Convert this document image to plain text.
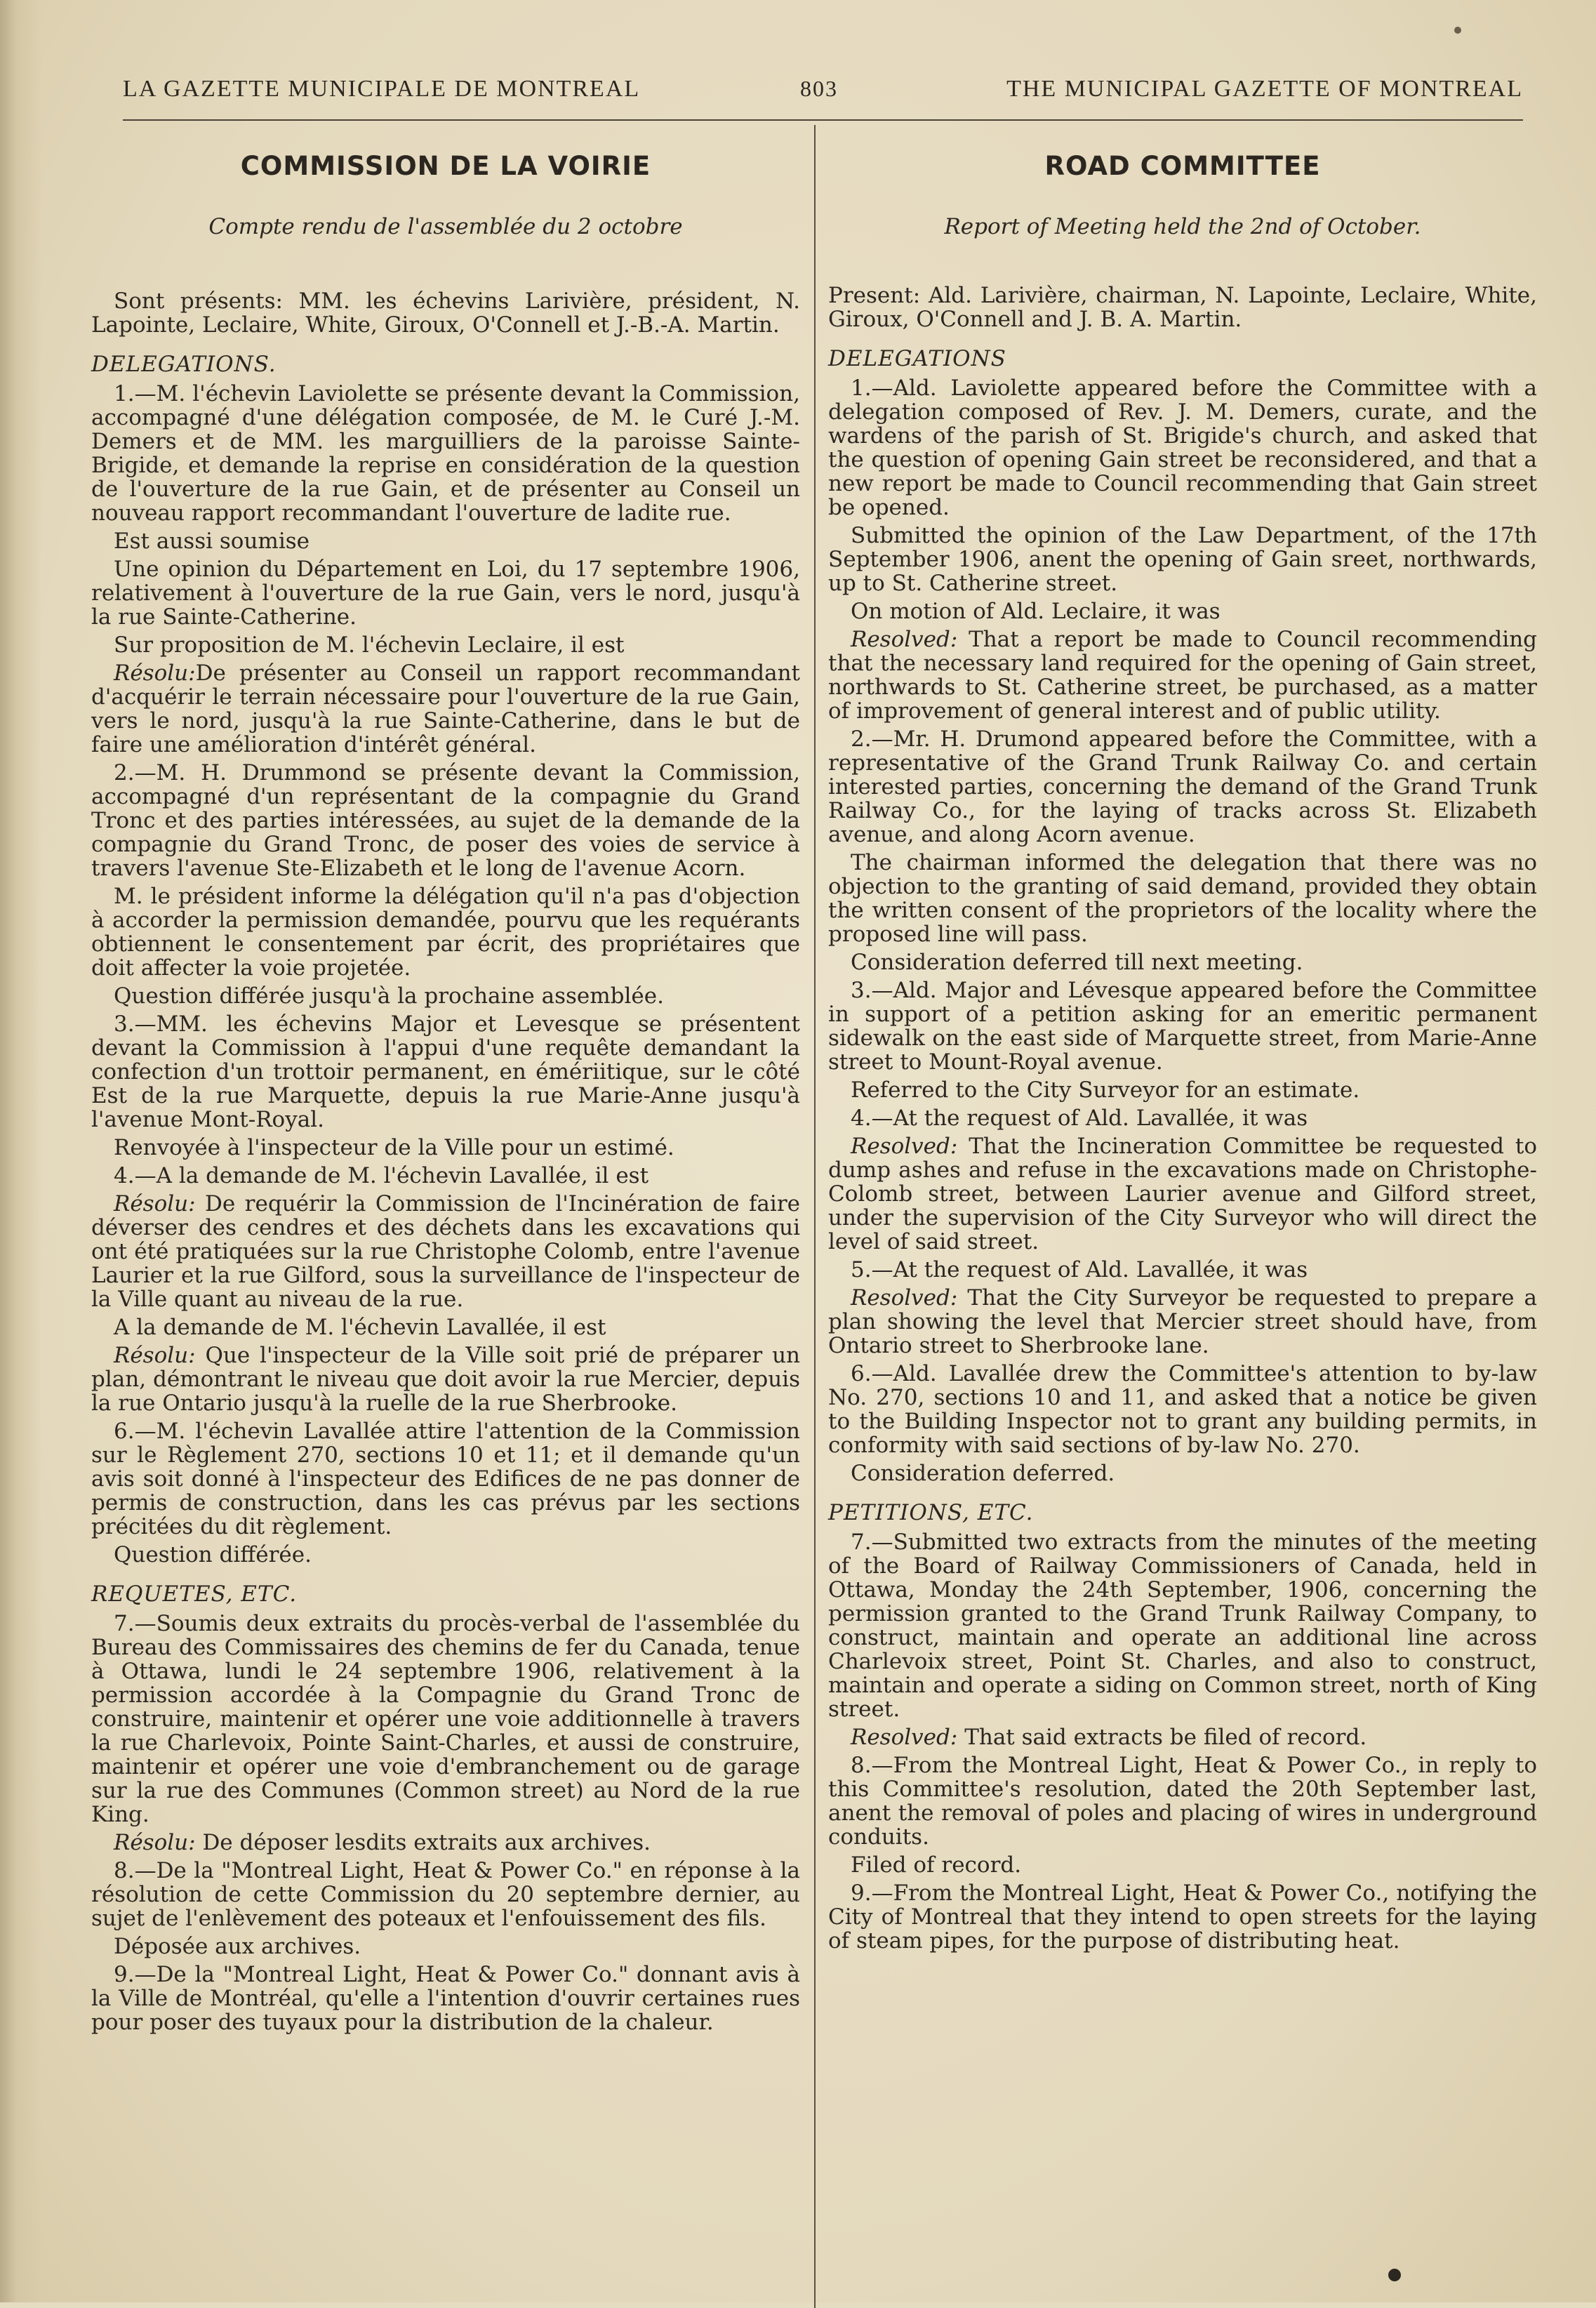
LA GAZETTE MUNICIPALE DE MONTREAL	803	THE MUNICIPAL GAZETTE OF MONTREAL
COMMISSION DE LA VOIRIE
Compte rendu de l'assemblée du 2 octobre

Sont présents: MM. les échevins Larivière, président, N. Lapointe, Leclaire, White, Giroux, O'Connell et J.-B.-A. Martin.

DELEGATIONS.

1.—M. l'échevin Laviolette se présente devant la Commission, accompagné d'une délégation composée, de M. le Curé J.-M. Demers et de MM. les marguilliers de la paroisse Sainte-Brigide, et demande la reprise en considération de la question de l'ouverture de la rue Gain, et de présenter au Conseil un nouveau rapport recommandant l'ouverture de ladite rue.

Est aussi soumise

Une opinion du Département en Loi, du 17 septembre 1906, relativement à l'ouverture de la rue Gain, vers le nord, jusqu'à la rue Sainte-Catherine.

Sur proposition de M. l'échevin Leclaire, il est

Résolu:De présenter au Conseil un rapport recommandant d'acquérir le terrain nécessaire pour l'ouverture de la rue Gain, vers le nord, jusqu'à la rue Sainte-Catherine, dans le but de faire une amélioration d'intérêt général.

2.—M. H. Drummond se présente devant la Commission, accompagné d'un représentant de la compagnie du Grand Tronc et des parties intéressées, au sujet de la demande de la compagnie du Grand Tronc, de poser des voies de service à travers l'avenue Ste-Elizabeth et le long de l'avenue Acorn.

M. le président informe la délégation qu'il n'a pas d'objection à accorder la permission demandée, pourvu que les requérants obtiennent le consentement par écrit, des propriétaires que doit affecter la voie projetée.

Question différée jusqu'à la prochaine assemblée.

3.—MM. les échevins Major et Levesque se présentent devant la Commission à l'appui d'une requête demandant la confection d'un trottoir permanent, en émériitique, sur le côté Est de la rue Marquette, depuis la rue Marie-Anne jusqu'à l'avenue Mont-Royal.

Renvoyée à l'inspecteur de la Ville pour un estimé.

4.—A la demande de M. l'échevin Lavallée, il est

Résolu: De requérir la Commission de l'Incinération de faire déverser des cendres et des déchets dans les excavations qui ont été pratiquées sur la rue Christophe Colomb, entre l'avenue Laurier et la rue Gilford, sous la surveillance de l'inspecteur de la Ville quant au niveau de la rue.

A la demande de M. l'échevin Lavallée, il est

Résolu: Que l'inspecteur de la Ville soit prié de préparer un plan, démontrant le niveau que doit avoir la rue Mercier, depuis la rue Ontario jusqu'à la ruelle de la rue Sherbrooke.

6.—M. l'échevin Lavallée attire l'attention de la Commission sur le Règlement 270, sections 10 et 11; et il demande qu'un avis soit donné à l'inspecteur des Edifices de ne pas donner de permis de construction, dans les cas prévus par les sections précitées du dit règlement.

Question différée.

REQUETES, ETC.

7.—Soumis deux extraits du procès-verbal de l'assemblée du Bureau des Commissaires des chemins de fer du Canada, tenue à Ottawa, lundi le 24 septembre 1906, relativement à la permission accordée à la Compagnie du Grand Tronc de construire, maintenir et opérer une voie additionnelle à travers la rue Charlevoix, Pointe Saint-Charles, et aussi de construire, maintenir et opérer une voie d'embranchement ou de garage sur la rue des Communes (Common street) au Nord de la rue King.

Résolu: De déposer lesdits extraits aux archives.

8.—De la "Montreal Light, Heat & Power Co." en réponse à la résolution de cette Commission du 20 septembre dernier, au sujet de l'enlèvement des poteaux et l'enfouissement des fils.

Déposée aux archives.

9.—De la "Montreal Light, Heat & Power Co." donnant avis à la Ville de Montréal, qu'elle a l'intention d'ouvrir certaines rues pour poser des tuyaux pour la distribution de la chaleur.

ROAD COMMITTEE
Report of Meeting held the 2nd of October.

Present: Ald. Larivière, chairman, N. Lapointe, Leclaire, White, Giroux, O'Connell and J. B. A. Martin.

DELEGATIONS

1.—Ald. Laviolette appeared before the Committee with a delegation composed of Rev. J. M. Demers, curate, and the wardens of the parish of St. Brigide's church, and asked that the question of opening Gain street be reconsidered, and that a new report be made to Council recommending that Gain street be opened.

Submitted the opinion of the Law Department, of the 17th September 1906, anent the opening of Gain sreet, northwards, up to St. Catherine street.

On motion of Ald. Leclaire, it was

Resolved: That a report be made to Council recommending that the necessary land required for the opening of Gain street, northwards to St. Catherine street, be purchased, as a matter of improvement of general interest and of public utility.

2.—Mr. H. Drumond appeared before the Committee, with a representative of the Grand Trunk Railway Co. and certain interested parties, concerning the demand of the Grand Trunk Railway Co., for the laying of tracks across St. Elizabeth avenue, and along Acorn avenue.

The chairman informed the delegation that there was no objection to the granting of said demand, provided they obtain the written consent of the proprietors of the locality where the proposed line will pass.

Consideration deferred till next meeting.

3.—Ald. Major and Lévesque appeared before the Committee in support of a petition asking for an emeritic permanent sidewalk on the east side of Marquette street, from Marie-Anne street to Mount-Royal avenue.

Referred to the City Surveyor for an estimate.

4.—At the request of Ald. Lavallée, it was

Resolved: That the Incineration Committee be requested to dump ashes and refuse in the excavations made on Christophe-Colomb street, between Laurier avenue and Gilford street, under the supervision of the City Surveyor who will direct the level of said street.

5.—At the request of Ald. Lavallée, it was

Resolved: That the City Surveyor be requested to prepare a plan showing the level that Mercier street should have, from Ontario street to Sherbrooke lane.

6.—Ald. Lavallée drew the Committee's attention to by-law No. 270, sections 10 and 11, and asked that a notice be given to the Building Inspector not to grant any building permits, in conformity with said sections of by-law No. 270.

Consideration deferred.

PETITIONS, ETC.

7.—Submitted two extracts from the minutes of the meeting of the Board of Railway Commissioners of Canada, held in Ottawa, Monday the 24th September, 1906, concerning the permission granted to the Grand Trunk Railway Company, to construct, maintain and operate an additional line across Charlevoix street, Point St. Charles, and also to construct, maintain and operate a siding on Common street, north of King street.

Resolved: That said extracts be filed of record.

8.—From the Montreal Light, Heat & Power Co., in reply to this Committee's resolution, dated the 20th September last, anent the removal of poles and placing of wires in underground conduits.

Filed of record.

9.—From the Montreal Light, Heat & Power Co., notifying the City of Montreal that they intend to open streets for the laying of steam pipes, for the purpose of distributing heat.
